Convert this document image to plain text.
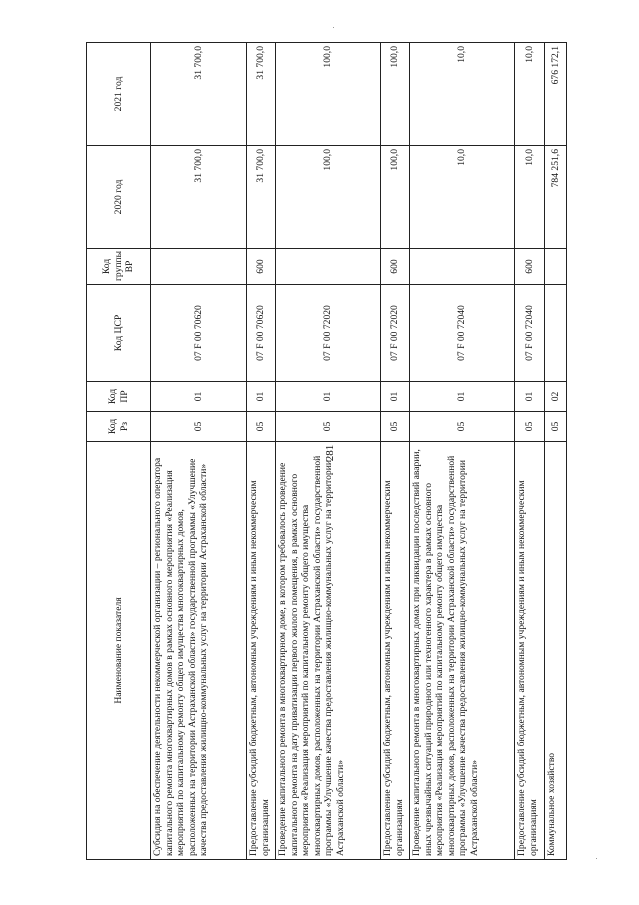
281
Наименование показателя	Код Рз	Код ПР	Код ЦСР	Код группы ВР	2020 год	2021 год
Субсидия на обеспечение деятельности некоммерческой организации – регионального оператора капитального ремонта многоквартирных домов в рамках основного мероприятия «Реализация мероприятий по капитальному ремонту общего имущества многоквартирных домов, расположенных на территории Астраханской области» государственной программы «Улучшение качества предоставления жилищно-коммунальных услуг на территории Астраханской области»	05	01	07 F 00 70620		31 700,0	31 700,0
Предоставление субсидий бюджетным, автономным учреждениям и иным некоммерческим организациям	05	01	07 F 00 70620	600	31 700,0	31 700,0
Проведение капитального ремонта в многоквартирном доме, в котором требовалось проведение капитального ремонта на дату приватизации первого жилого помещения, в рамках основного мероприятия «Реализация мероприятий по капитальному ремонту общего имущества многоквартирных домов, расположенных на территории Астраханской области» государственной программы «Улучшение качества предоставления жилищно-коммунальных услуг на территории Астраханской области»	05	01	07 F 00 72020		100,0	100,0
Предоставление субсидий бюджетным, автономным учреждениям и иным некоммерческим организациям	05	01	07 F 00 72020	600	100,0	100,0
Проведение капитального ремонта в многоквартирных домах при ликвидации последствий аварии, иных чрезвычайных ситуаций природного или техногенного характера в рамках основного мероприятия «Реализация мероприятий по капитальному ремонту общего имущества многоквартирных домов, расположенных на территории Астраханской области» государственной программы «Улучшение качества предоставления жилищно-коммунальных услуг на территории Астраханской области»	05	01	07 F 00 72040		10,0	10,0
Предоставление субсидий бюджетным, автономным учреждениям и иным некоммерческим организациям	05	01	07 F 00 72040	600	10,0	10,0
Коммунальное хозяйство	05	02			784 251,6	676 172,1
